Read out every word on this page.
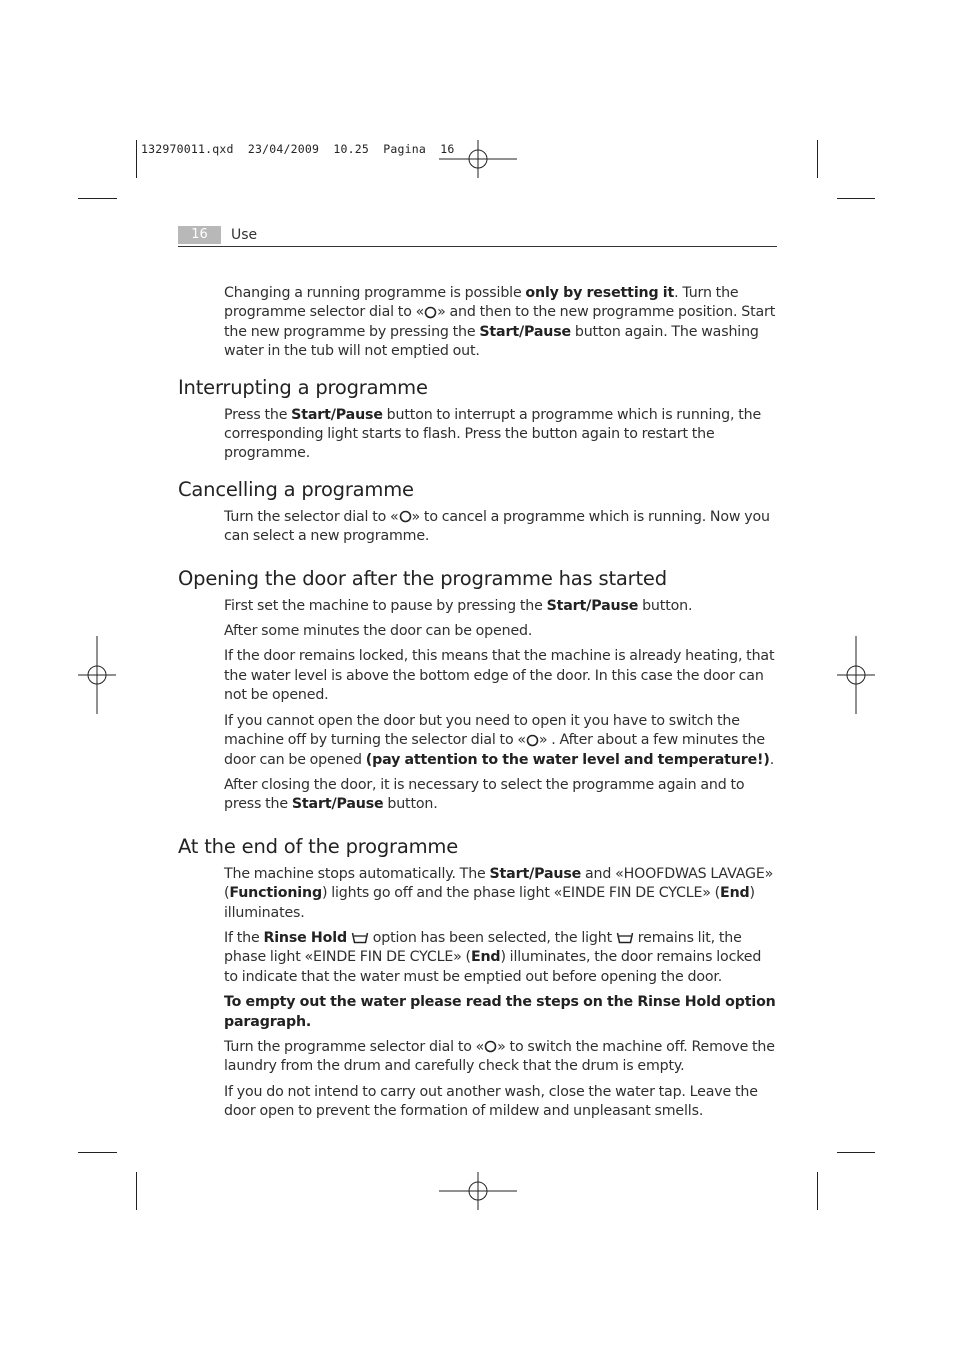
132970011.qxd 23/04/2009 10.25 Pagina 16
16	Use

Changing a running programme is possible only by resetting it. Turn the programme selector dial to « » and then to the new programme position. Start the new programme by pressing the Start/Pause button again. The washing water in the tub will not emptied out.

Interrupting a programme

Press the Start/Pause button to interrupt a programme which is running, the corresponding light starts to flash. Press the button again to restart the programme.

Cancelling a programme

Turn the selector dial to « » to cancel a programme which is running. Now you can select a new programme.

Opening the door after the programme has started

First set the machine to pause by pressing the Start/Pause button.

After some minutes the door can be opened.

If the door remains locked, this means that the machine is already heating, that the water level is above the bottom edge of the door. In this case the door can not be opened.

If you cannot open the door but you need to open it you have to switch the machine off by turning the selector dial to « » . After about a few minutes the door can be opened (pay attention to the water level and temperature!).

After closing the door, it is necessary to select the programme again and to press the Start/Pause button.

At the end of the programme

The machine stops automatically. The Start/Pause and «HOOFDWAS LAVAGE» (Functioning) lights go off and the phase light «EINDE FIN DE CYCLE» (End) illuminates.

If the Rinse Hold  option has been selected, the light  remains lit, the phase light «EINDE FIN DE CYCLE» (End) illuminates, the door remains locked to indicate that the water must be emptied out before opening the door.

To empty out the water please read the steps on the Rinse Hold option paragraph.

Turn the programme selector dial to « » to switch the machine off. Remove the laundry from the drum and carefully check that the drum is empty.

If you do not intend to carry out another wash, close the water tap. Leave the door open to prevent the formation of mildew and unpleasant smells.
